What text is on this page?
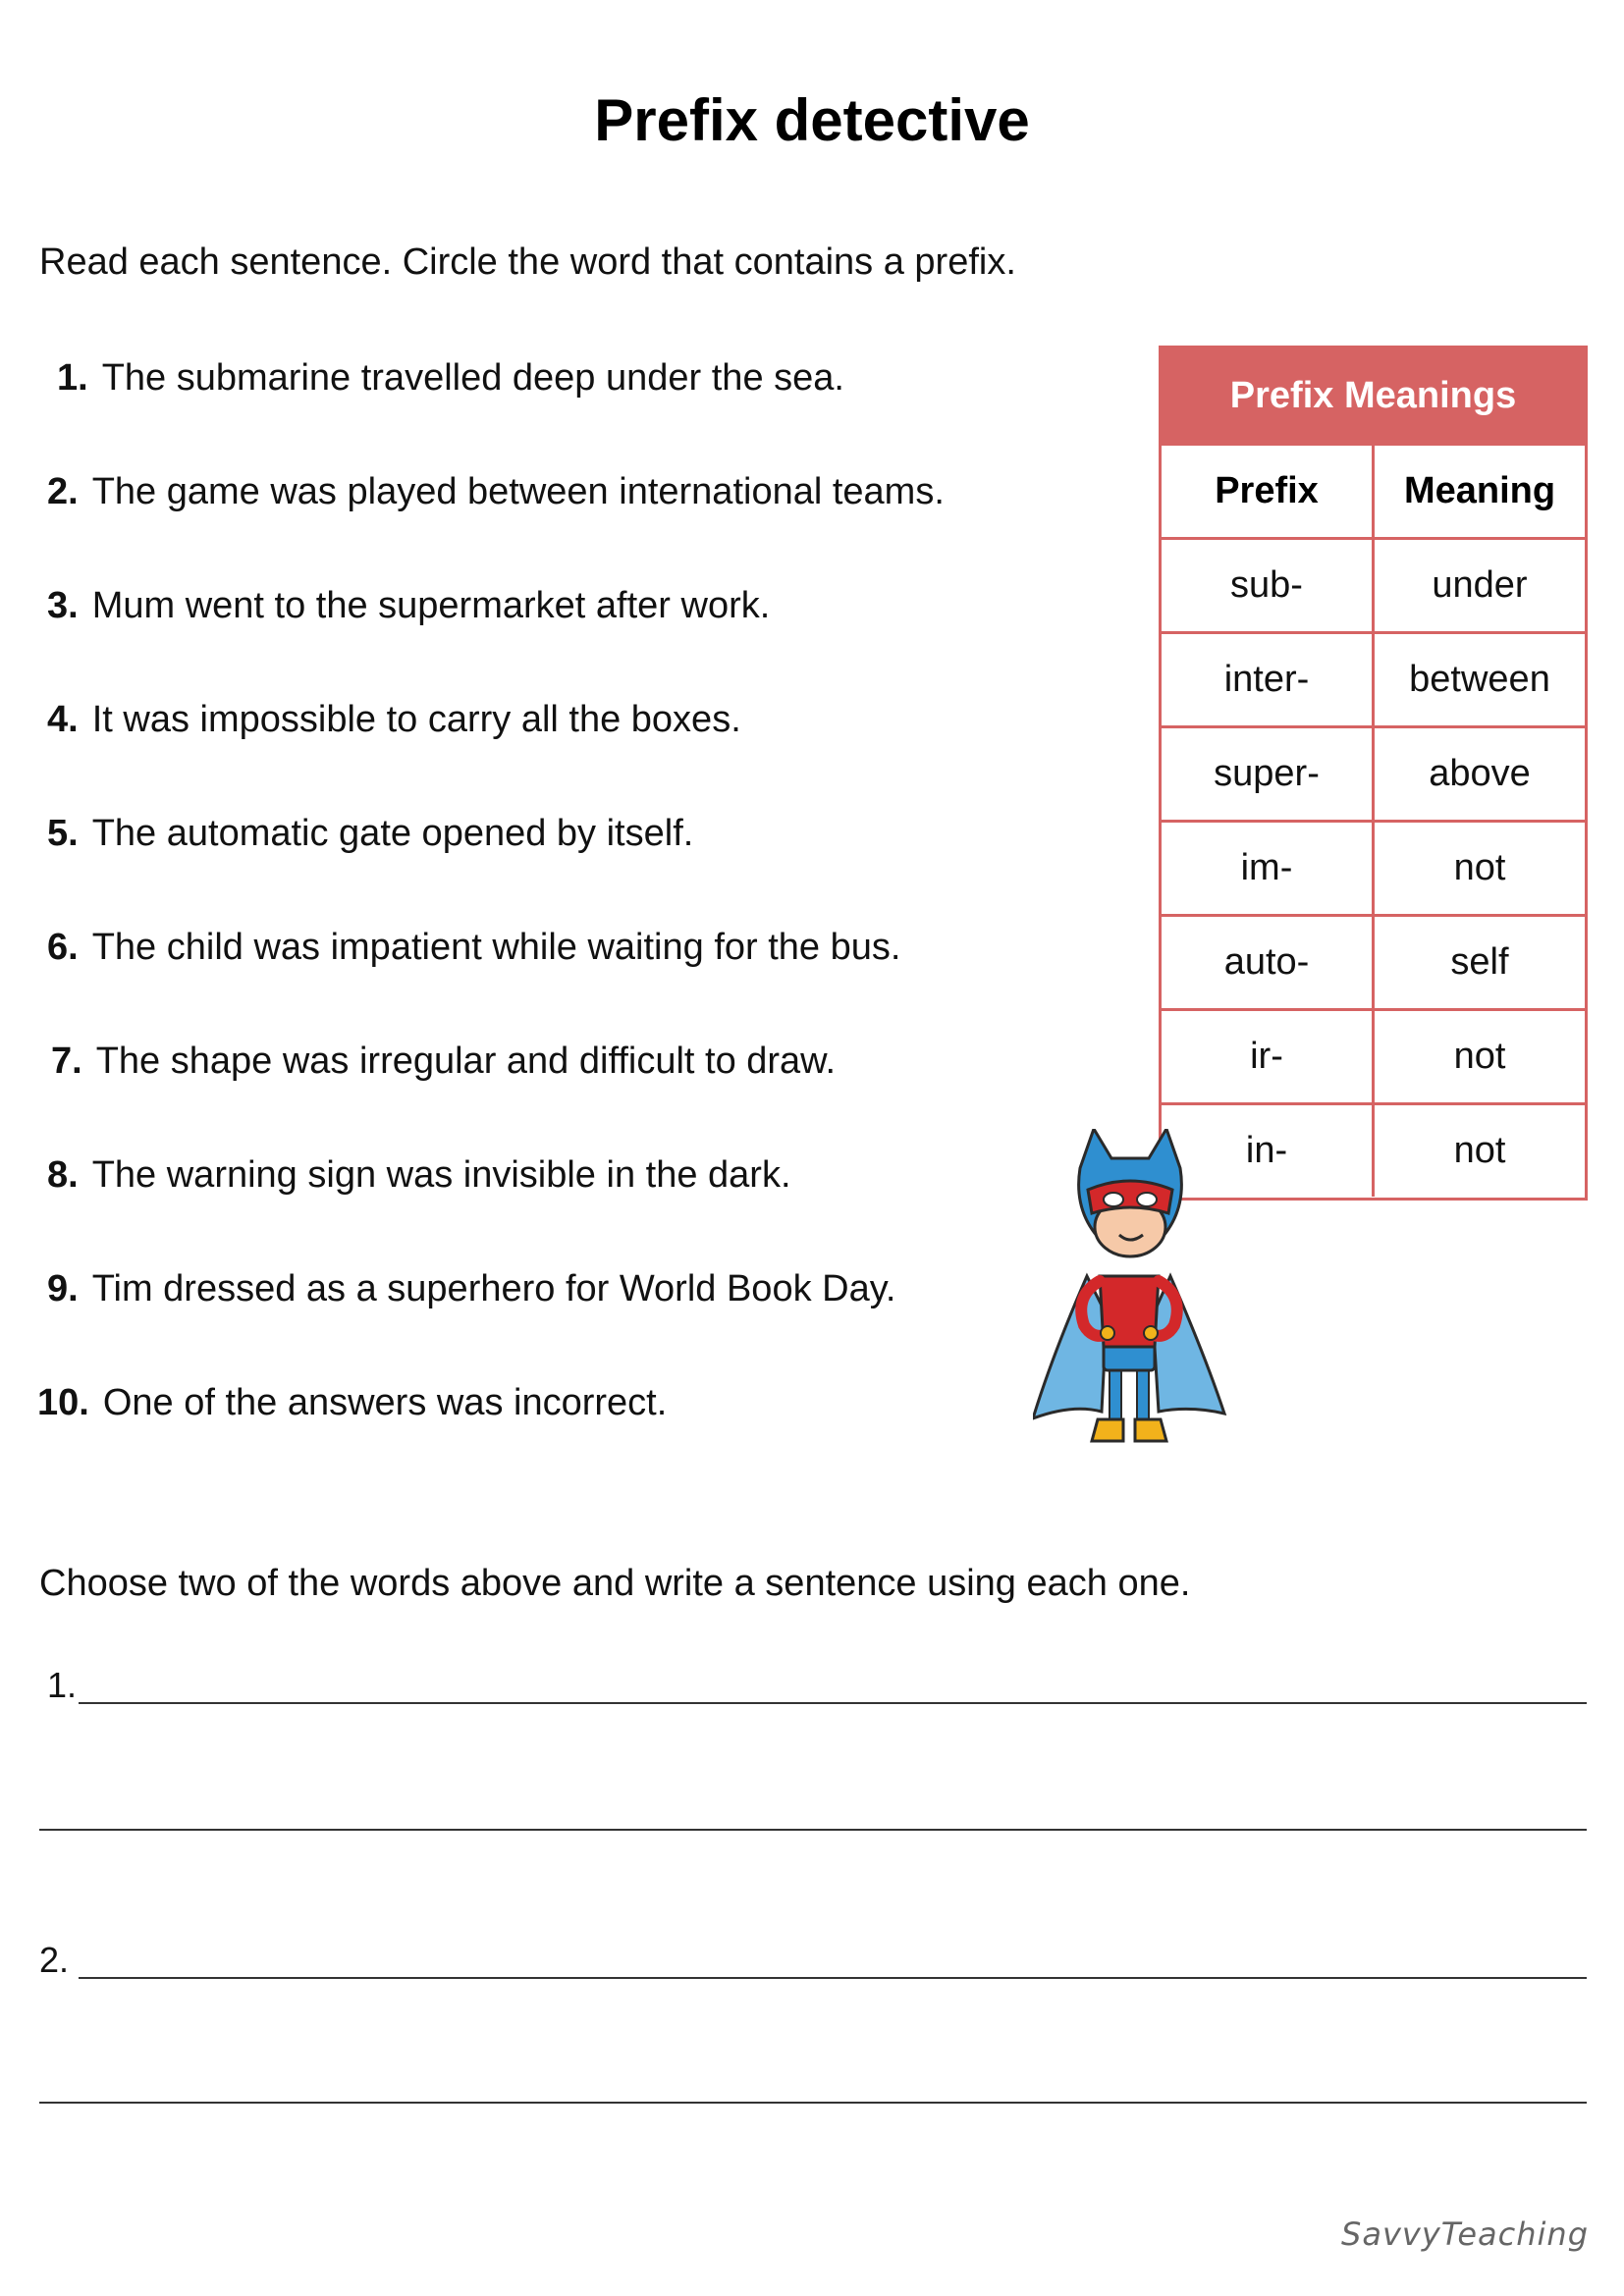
Prefix detective
Read each sentence. Circle the word that contains a prefix.
1. The submarine travelled deep under the sea.
2. The game was played between international teams.
3. Mum went to the supermarket after work.
4. It was impossible to carry all the boxes.
5. The automatic gate opened by itself.
6. The child was impatient while waiting for the bus.
7. The shape was irregular and difficult to draw.
8. The warning sign was invisible in the dark.
9. Tim dressed as a superhero for World Book Day.
10. One of the answers was incorrect.
Prefix Meanings
Prefix	Meaning
sub-	under
inter-	between
super-	above
im-	not
auto-	self
ir-	not
in-	not
Choose two of the words above and write a sentence using each one.
1.
2.
SavvyTeaching
